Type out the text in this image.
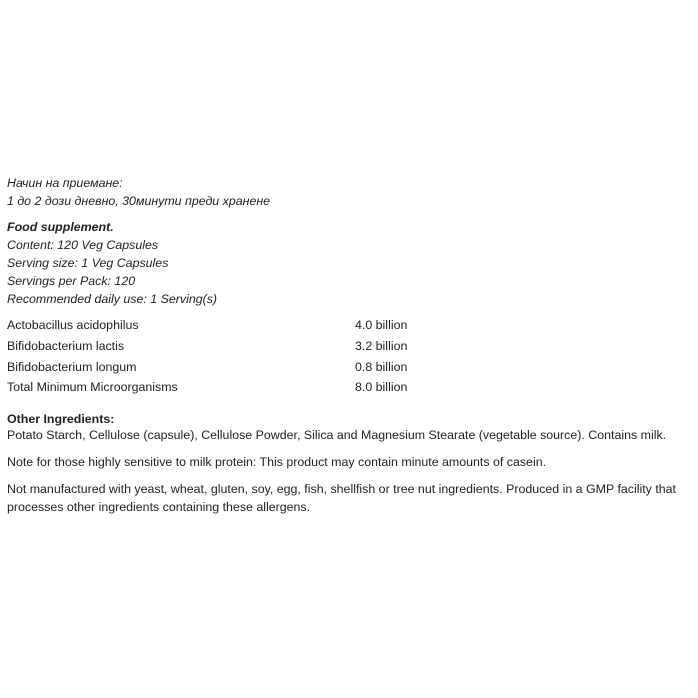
Начин на приемане:
1 до 2 дози дневно, 30минути преди хранене
Food supplement.
Content: 120 Veg Capsules
Serving size: 1 Veg Capsules
Servings per Pack: 120
Recommended daily use: 1 Serving(s)
Actobacillus acidophilus	4.0 billion
Bifidobacterium lactis	3.2 billion
Bifidobacterium longum	0.8 billion
Total Minimum Microorganisms	8.0 billion
Other Ingredients:
Potato Starch, Cellulose (capsule), Cellulose Powder, Silica and Magnesium Stearate (vegetable source). Contains milk.
Note for those highly sensitive to milk protein: This product may contain minute amounts of casein.
Not manufactured with yeast, wheat, gluten, soy, egg, fish, shellfish or tree nut ingredients. Produced in a GMP facility that processes other ingredients containing these allergens.
